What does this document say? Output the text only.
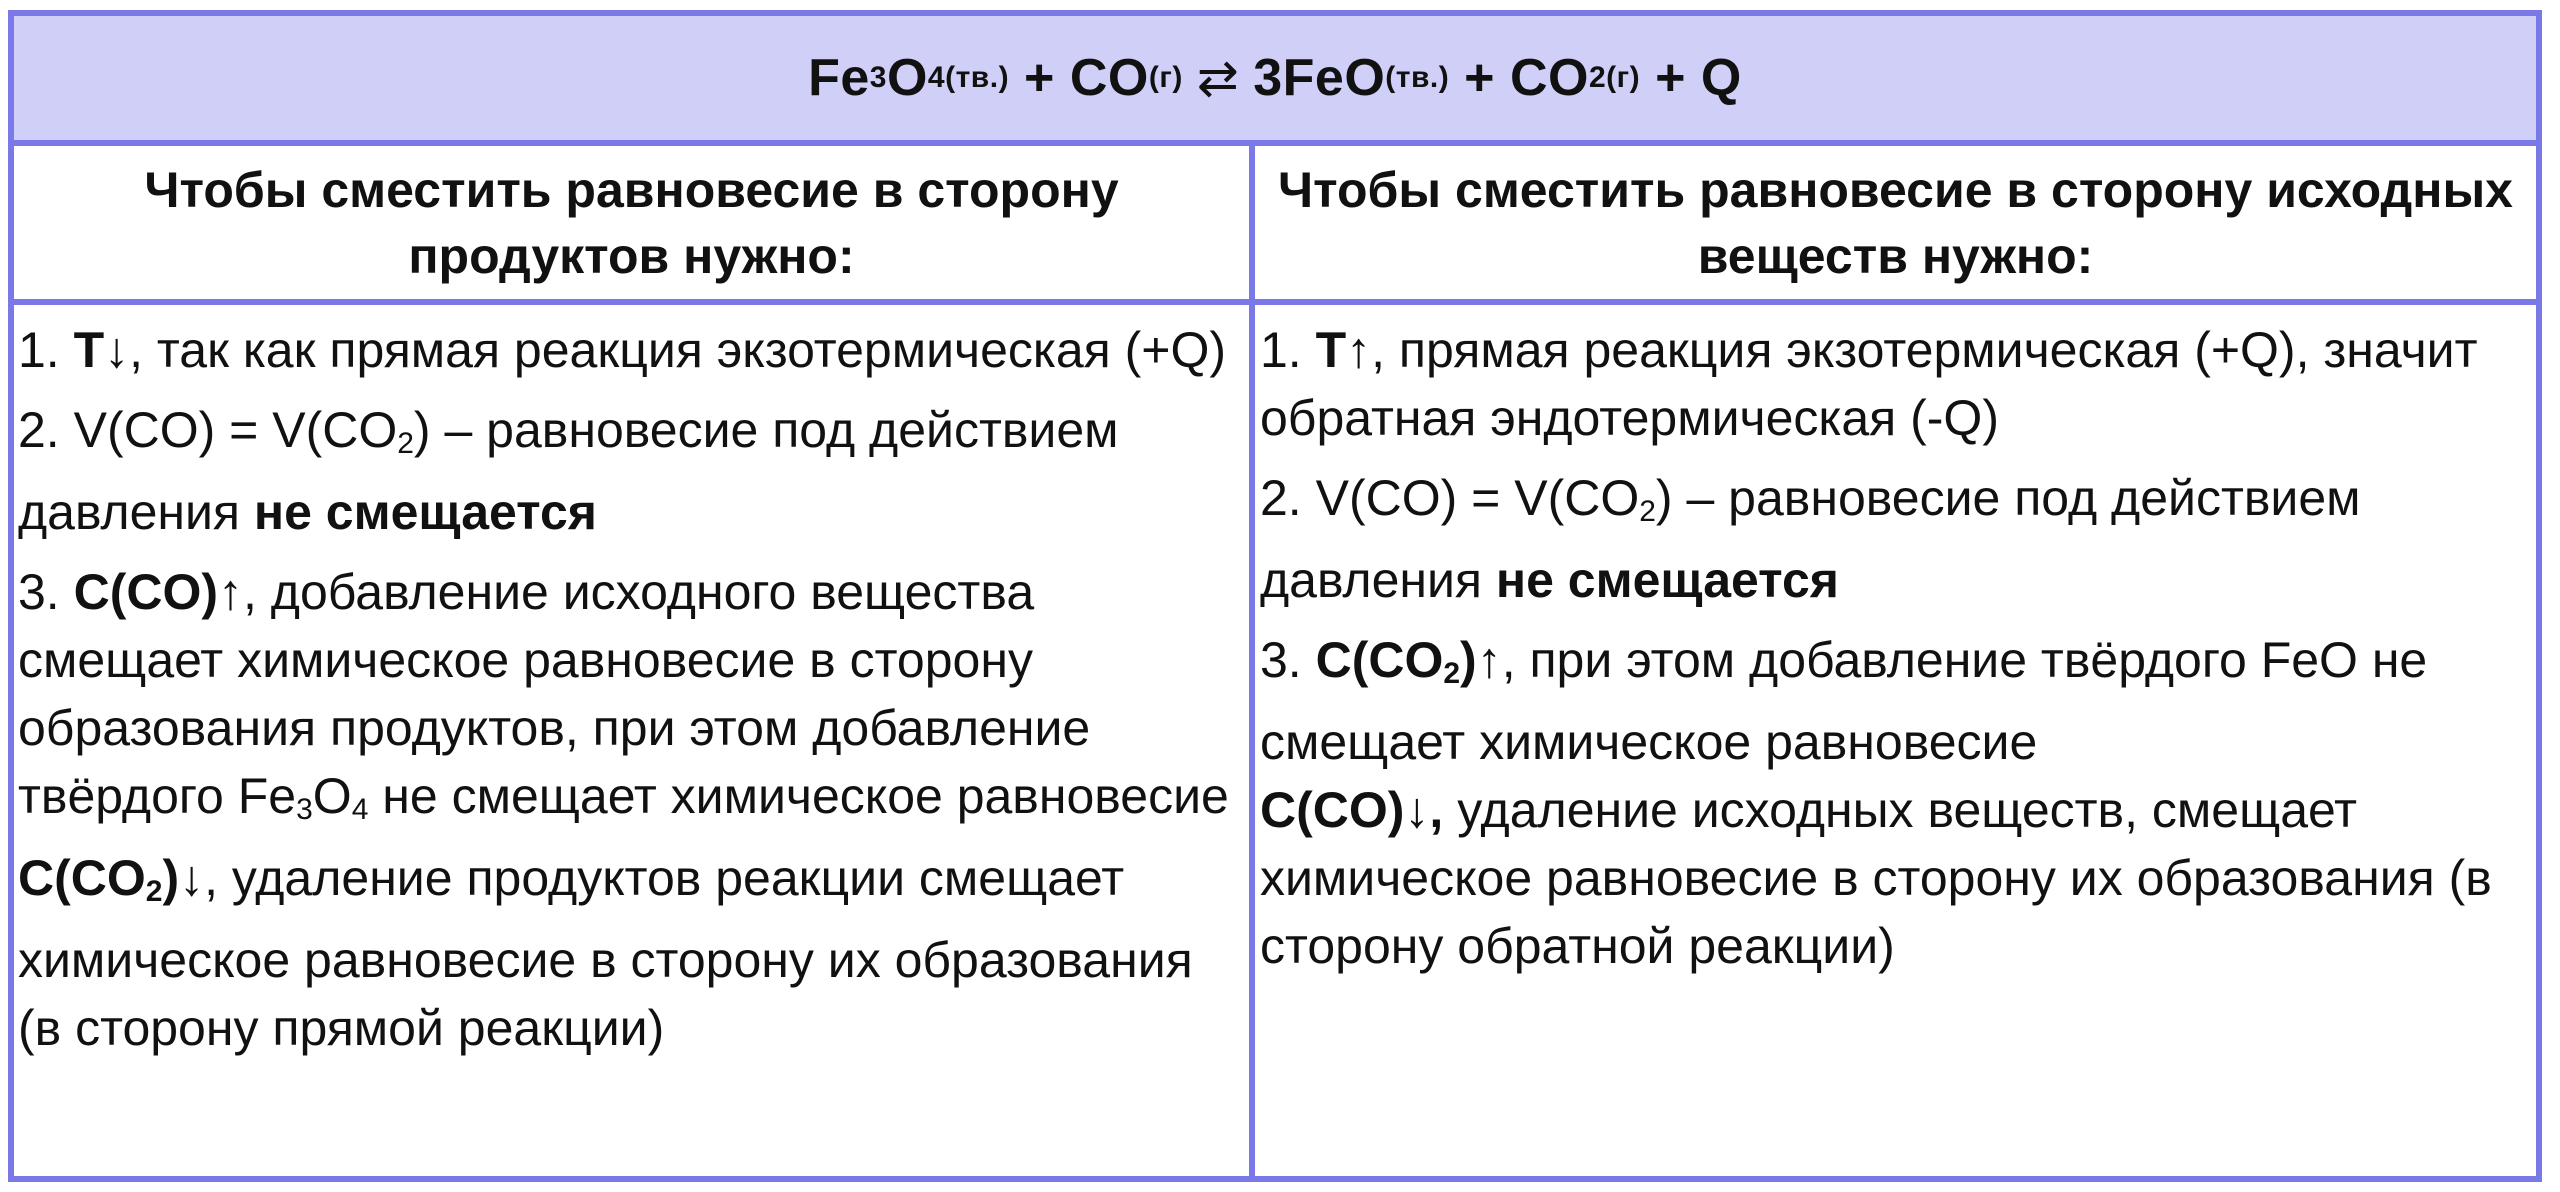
Fe 3 O 4(тв.) + CO (г) ⇄ 3FeO (тв.) + CO 2(г) + Q
Чтобы сместить равновесие в сторону продуктов нужно:
Чтобы сместить равновесие в сторону исходных веществ нужно:
1. T↓, так как прямая реакция экзотермическая (+Q)
2. $V(CO) = V(CO_2)$ – равновесие под действием давления не смещается
3. C(CO)↑, добавление исходного вещества смещает химическое равновесие в сторону образования продуктов, при этом добавление твёрдого $Fe_3O_4$ не смещает химическое равновесие
$C(CO_2)↓$, удаление продуктов реакции смещает химическое равновесие в сторону их образования (в сторону прямой реакции)
1. T↑, прямая реакция экзотермическая (+Q), значит обратная эндотермическая (-Q)
2. $V(CO) = V(CO_2)$ – равновесие под действием давления не смещается
3. $C(CO_2)↑$, при этом добавление твёрдого FeO не смещает химическое равновесие
C(CO)↓, удаление исходных веществ, смещает химическое равновесие в сторону их образования (в сторону обратной реакции)
